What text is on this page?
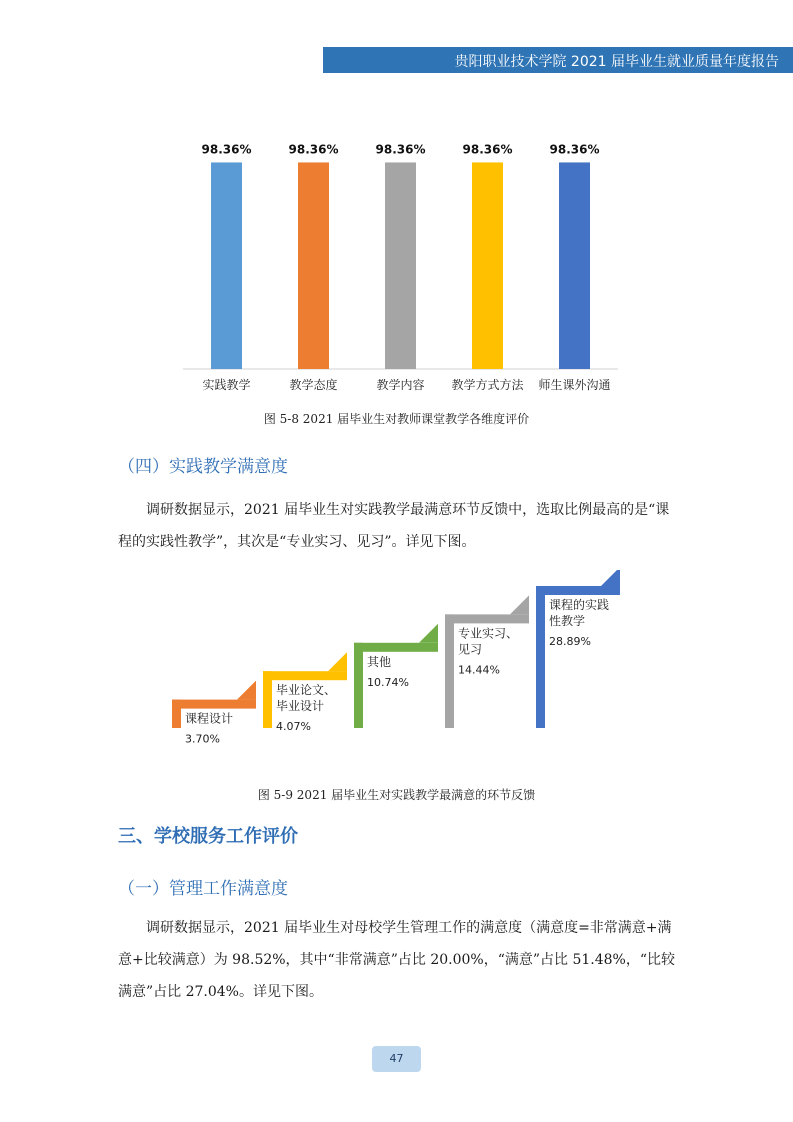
贵阳职业技术学院 2021 届毕业生就业质量年度报告
98.36%
实践教学
98.36%
教学态度
98.36%
教学内容
98.36%
教学方式方法
98.36%
师生课外沟通
图 5-8 2021 届毕业生对教师课堂教学各维度评价
（四）实践教学满意度
调研数据显示，2021 届毕业生对实践教学最满意环节反馈中，选取比例最高的是“课程的实践性教学”，其次是“专业实习、见习”。详见下图。
课程设计
3.70%
毕业论文、
毕业设计
4.07%
其他
10.74%
专业实习、
见习
14.44%
课程的实践
性教学
28.89%
图 5-9 2021 届毕业生对实践教学最满意的环节反馈
三、学校服务工作评价
（一）管理工作满意度
调研数据显示，2021 届毕业生对母校学生管理工作的满意度（满意度=非常满意+满意+比较满意）为 98.52%，其中“非常满意”占比 20.00%，“满意”占比 51.48%，“比较满意”占比 27.04%。详见下图。
47
